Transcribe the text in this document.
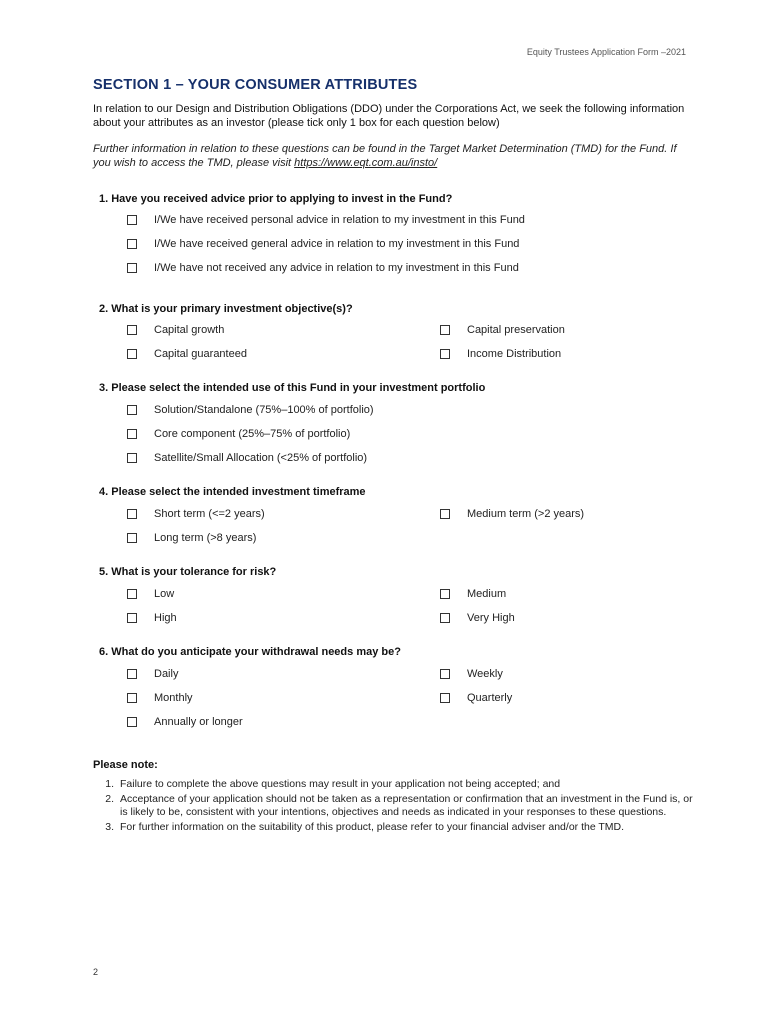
Equity Trustees Application Form –2021
SECTION 1 – YOUR CONSUMER ATTRIBUTES
In relation to our Design and Distribution Obligations (DDO) under the Corporations Act, we seek the following information about your attributes as an investor (please tick only 1 box for each question below)
Further information in relation to these questions can be found in the Target Market Determination (TMD) for the Fund. If you wish to access the TMD, please visit https://www.eqt.com.au/insto/
1. Have you received advice prior to applying to invest in the Fund?
I/We have received personal advice in relation to my investment in this Fund
I/We have received general advice in relation to my investment in this Fund
I/We have not received any advice in relation to my investment in this Fund
2. What is your primary investment objective(s)?
Capital growth	Capital preservation
Capital guaranteed	Income Distribution
3. Please select the intended use of this Fund in your investment portfolio
Solution/Standalone (75%–100% of portfolio)
Core component (25%–75% of portfolio)
Satellite/Small Allocation (<25% of portfolio)
4. Please select the intended investment timeframe
Short term (<=2 years)	Medium term (>2 years)
Long term (>8 years)
5. What is your tolerance for risk?
Low	Medium
High	Very High
6. What do you anticipate your withdrawal needs may be?
Daily	Weekly
Monthly	Quarterly
Annually or longer
Please note:
1. Failure to complete the above questions may result in your application not being accepted; and
2. Acceptance of your application should not be taken as a representation or confirmation that an investment in the Fund is, or is likely to be, consistent with your intentions, objectives and needs as indicated in your responses to these questions.
3. For further information on the suitability of this product, please refer to your financial adviser and/or the TMD.
2
